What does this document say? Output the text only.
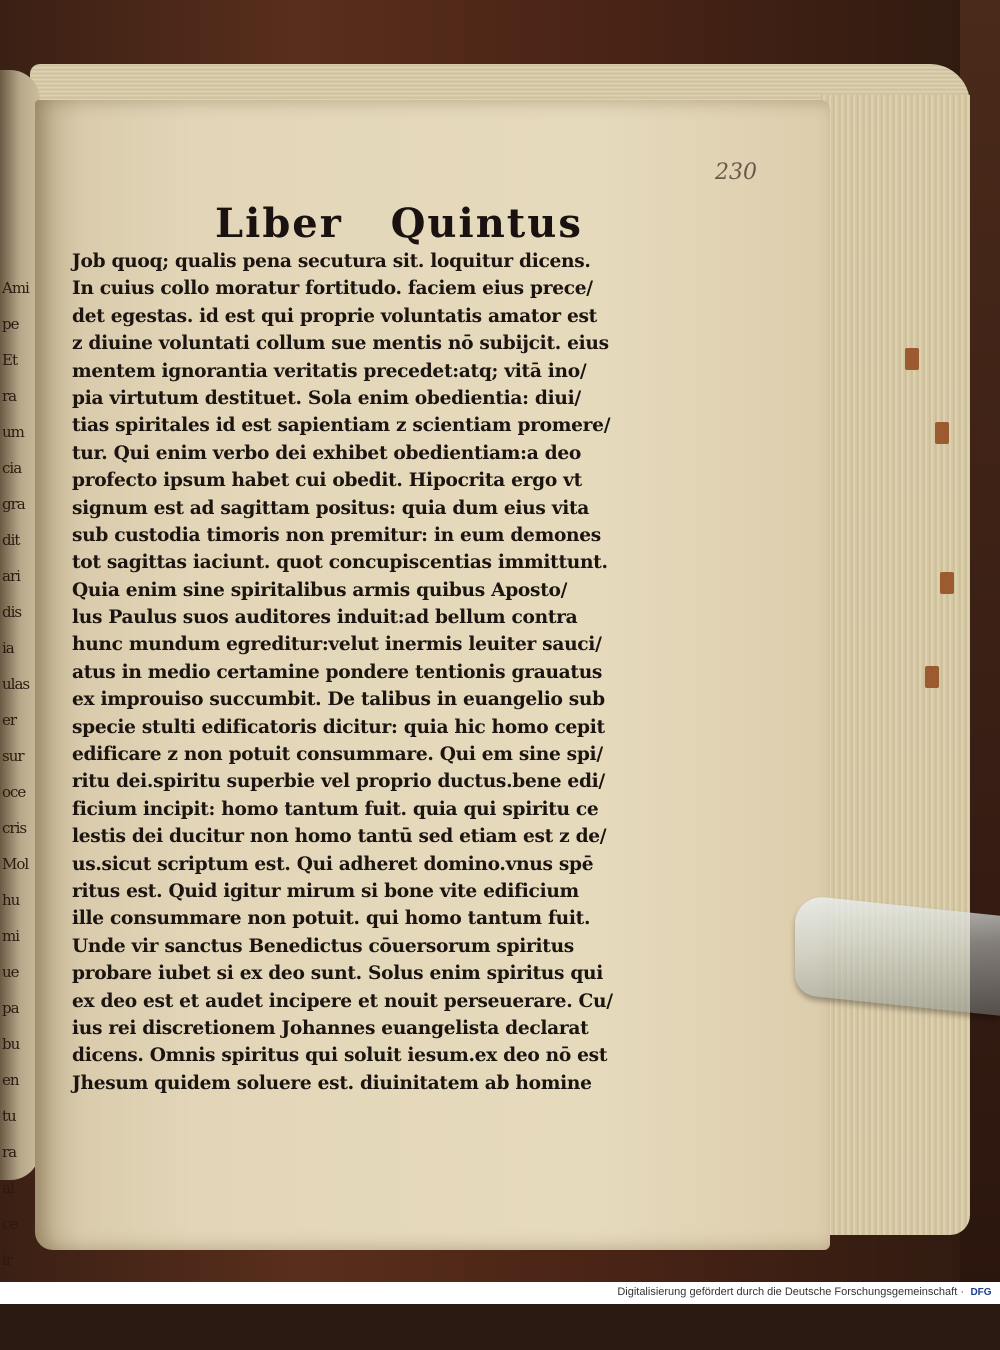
Ami
pe
Et
ra
um
cia
gra
dit
ari
dis
ia
ulas
er
sur
oce
cris
Mol
hu
mi
ue
pa
bu
en
tu
ra
al
ce
ir
es
230
Liber   Quintus
Job quoq; qualis pena secutura sit. loquitur dicens.
In cuius collo moratur fortitudo. faciem eius prece/
det egestas. id est qui proprie voluntatis amator est
z diuine voluntati collum sue mentis nō subijcit. eius
mentem ignorantia veritatis precedet:atq; vitā ino/
pia virtutum destituet. Sola enim obedientia: diui/
tias spiritales id est sapientiam z scientiam promere/
tur. Qui enim verbo dei exhibet obedientiam:a deo
profecto ipsum habet cui obedit. Hipocrita ergo vt
signum est ad sagittam positus: quia dum eius vita
sub custodia timoris non premitur: in eum demones
tot sagittas iaciunt. quot concupiscentias immittunt.
Quia enim sine spiritalibus armis quibus Aposto/
lus Paulus suos auditores induit:ad bellum contra
hunc mundum egreditur:velut inermis leuiter sauci/
atus in medio certamine pondere tentionis grauatus
ex improuiso succumbit. De talibus in euangelio sub
specie stulti edificatoris dicitur: quia hic homo cepit
edificare z non potuit consummare. Qui em sine spi/
ritu dei.spiritu superbie vel proprio ductus.bene edi/
ficium incipit: homo tantum fuit. quia qui spiritu ce
lestis dei ducitur non homo tantū sed etiam est z de/
us.sicut scriptum est. Qui adheret domino.vnus spē
ritus est. Quid igitur mirum si bone vite edificium
ille consummare non potuit. qui homo tantum fuit.
Unde vir sanctus Benedictus cōuersorum spiritus
probare iubet si ex deo sunt. Solus enim spiritus qui
ex deo est et audet incipere et nouit perseuerare. Cu/
ius rei discretionem Johannes euangelista declarat
dicens. Omnis spiritus qui soluit iesum.ex deo nō est
Jhesum quidem soluere est. diuinitatem ab homine
Digitalisierung gefördert durch die Deutsche Forschungsgemeinschaft · DFG
